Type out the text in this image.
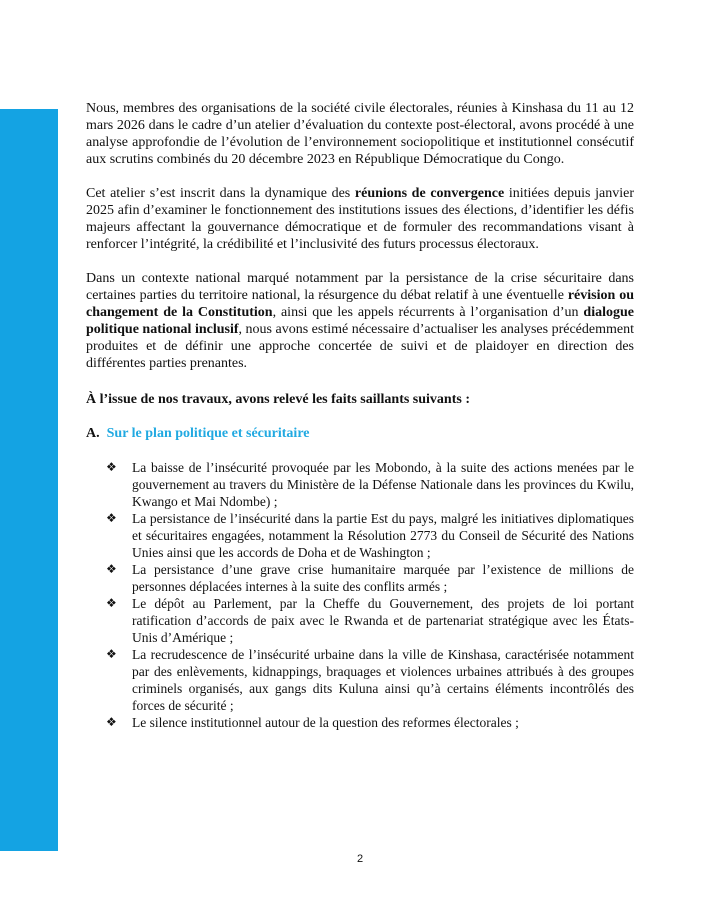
Nous, membres des organisations de la société civile électorales, réunies à Kinshasa du 11 au 12 mars 2026 dans le cadre d’un atelier d’évaluation du contexte post-électoral, avons procédé à une analyse approfondie de l’évolution de l’environnement sociopolitique et institutionnel consécutif aux scrutins combinés du 20 décembre 2023 en République Démocratique du Congo.

Cet atelier s’est inscrit dans la dynamique des réunions de convergence initiées depuis janvier 2025 afin d’examiner le fonctionnement des institutions issues des élections, d’identifier les défis majeurs affectant la gouvernance démocratique et de formuler des recommandations visant à renforcer l’intégrité, la crédibilité et l’inclusivité des futurs processus électoraux.

Dans un contexte national marqué notamment par la persistance de la crise sécuritaire dans certaines parties du territoire national, la résurgence du débat relatif à une éventuelle révision ou changement de la Constitution, ainsi que les appels récurrents à l’organisation d’un dialogue politique national inclusif, nous avons estimé nécessaire d’actualiser les analyses précédemment produites et de définir une approche concertée de suivi et de plaidoyer en direction des différentes parties prenantes.

À l’issue de nos travaux, avons relevé les faits saillants suivants :

A. Sur le plan politique et sécuritaire

❖ La baisse de l’insécurité provoquée par les Mobondo, à la suite des actions menées par le gouvernement au travers du Ministère de la Défense Nationale dans les provinces du Kwilu, Kwango et Mai Ndombe) ;
❖ La persistance de l’insécurité dans la partie Est du pays, malgré les initiatives diplomatiques et sécuritaires engagées, notamment la Résolution 2773 du Conseil de Sécurité des Nations Unies ainsi que les accords de Doha et de Washington ;
❖ La persistance d’une grave crise humanitaire marquée par l’existence de millions de personnes déplacées internes à la suite des conflits armés ;
❖ Le dépôt au Parlement, par la Cheffe du Gouvernement, des projets de loi portant ratification d’accords de paix avec le Rwanda et de partenariat stratégique avec les États-Unis d’Amérique ;
❖ La recrudescence de l’insécurité urbaine dans la ville de Kinshasa, caractérisée notamment par des enlèvements, kidnappings, braquages et violences urbaines attribués à des groupes criminels organisés, aux gangs dits Kuluna ainsi qu’à certains éléments incontrôlés des forces de sécurité ;
❖ Le silence institutionnel autour de la question des reformes électorales ;
2
